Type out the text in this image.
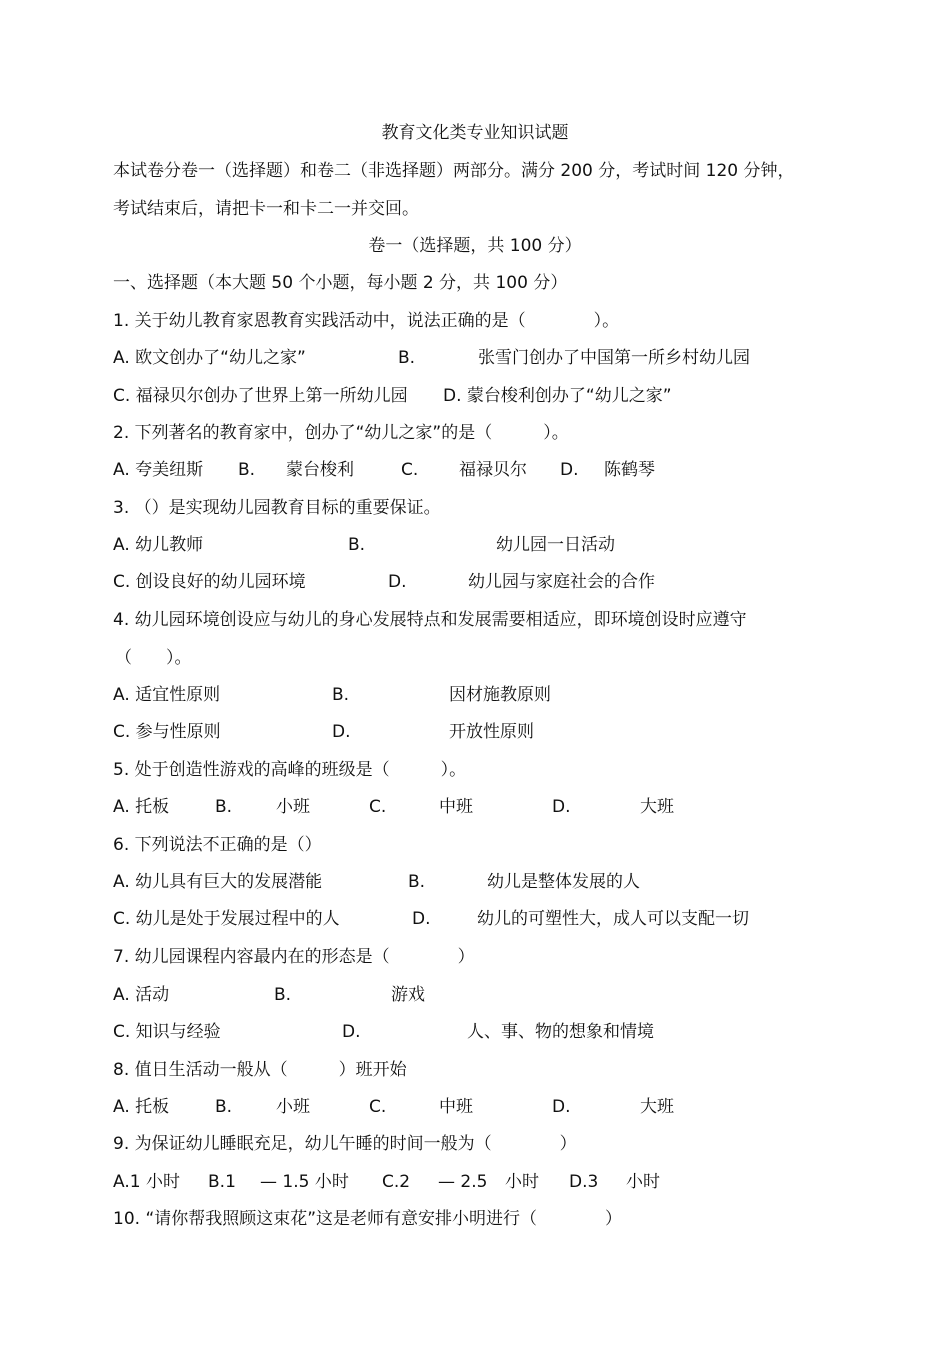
教育文化类专业知识试题
本试卷分卷一（选择题）和卷二（非选择题）两部分。满分 200 分，考试时间 120 分钟，
考试结束后，请把卡一和卡二一并交回。
卷一（选择题，共 100 分）
一、选择题（本大题 50 个小题，每小题 2 分，共 100 分）
1. 关于幼儿教育家恩教育实践活动中，说法正确的是（　　　　）。
A. 欧文创办了“幼儿之家”	B.	张雪门创办了中国第一所乡村幼儿园
C. 福禄贝尔创办了世界上第一所幼儿园 D. 蒙台梭利创办了“幼儿之家”
2. 下列著名的教育家中，创办了“幼儿之家”的是（　　　）。
A. 夸美纽斯 B. 蒙台梭利	C. 福禄贝尔 D. 陈鹤琴
3. （）是实现幼儿园教育目标的重要保证。
A. 幼儿教师	B.	幼儿园一日活动
C. 创设良好的幼儿园环境	D.	幼儿园与家庭社会的合作
4. 幼儿园环境创设应与幼儿的身心发展特点和发展需要相适应，即环境创设时应遵守
（　　）。
A. 适宜性原则	B.	因材施教原则
C. 参与性原则	D.	开放性原则
5. 处于创造性游戏的高峰的班级是（　　　）。
A. 托板	B.	小班	C.	中班	D.	大班
6. 下列说法不正确的是（）
A. 幼儿具有巨大的发展潜能	B.	幼儿是整体发展的人
C. 幼儿是处于发展过程中的人	D.	幼儿的可塑性大，成人可以支配一切
7. 幼儿园课程内容最内在的形态是（　　　　）
A. 活动	B.	游戏
C. 知识与经验	D.	人、事、物的想象和情境
8. 值日生活动一般从（　　　）班开始
A. 托板	B.	小班	C.	中班	D.	大班
9. 为保证幼儿睡眠充足，幼儿午睡的时间一般为（　　　　）
A.1 小时 B.1 — 1.5 小时 C.2 — 2.5 小时 D.3 小时
10. “请你帮我照顾这束花”这是老师有意安排小明进行（　　　　）
